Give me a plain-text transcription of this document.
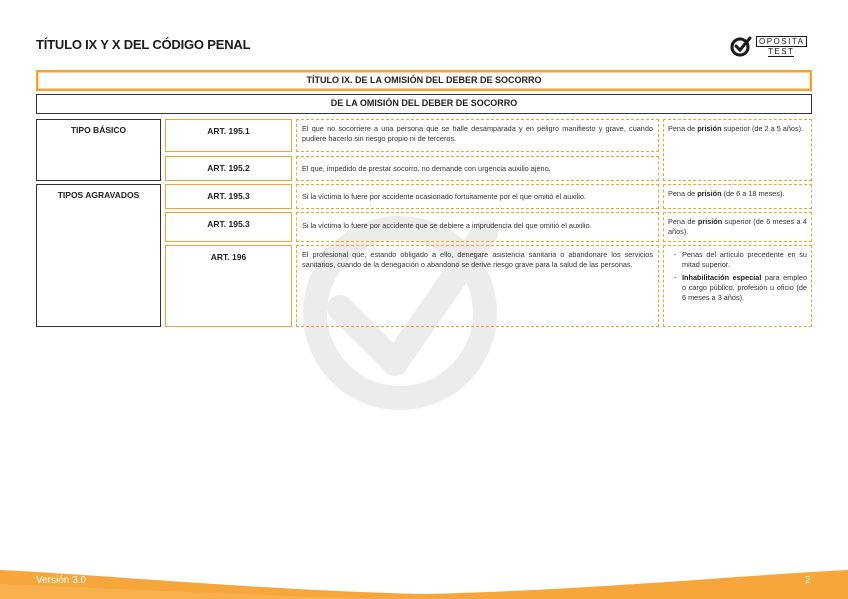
TÍTULO IX Y X DEL CÓDIGO PENAL	OPOSITA
TEST
TÍTULO IX. DE LA OMISIÓN DEL DEBER DE SOCORRO
DE LA OMISIÓN DEL DEBER DE SOCORRO
TIPO BÁSICO
TIPOS AGRAVADOS
ART. 195.1
ART. 195.2
ART. 195.3
ART. 195.3
ART. 196
El que no socorriere a una persona que se halle desamparada y en peligro manifiesto y grave, cuando pudiere hacerlo sin riesgo propio ni de terceros.
El que, impedido de prestar socorro, no demande con urgencia auxilio ajeno.
Si la víctima lo fuere por accidente ocasionado fortuitamente por el que omitió el auxilio.
Si la víctima lo fuere por accidente que se debiere a imprudencia del que omitió el auxilio.
El profesional que, estando obligado a ello, denegare asistencia sanitaria o abandonare los servicios sanitarios, cuando de la denegación o abandono se derive riesgo grave para la salud de las personas.
Pena de prisión superior (de 2 a 5 años).
Pena de prisión (de 6 a 18 meses).
Pena de prisión superior (de 6 meses a 4 años).
- Penas del artículo precedente en su mitad superior.
- Inhabilitación especial para empleo o cargo público, profesión u oficio (de 6 meses a 3 años).
Versión 3.0	2
